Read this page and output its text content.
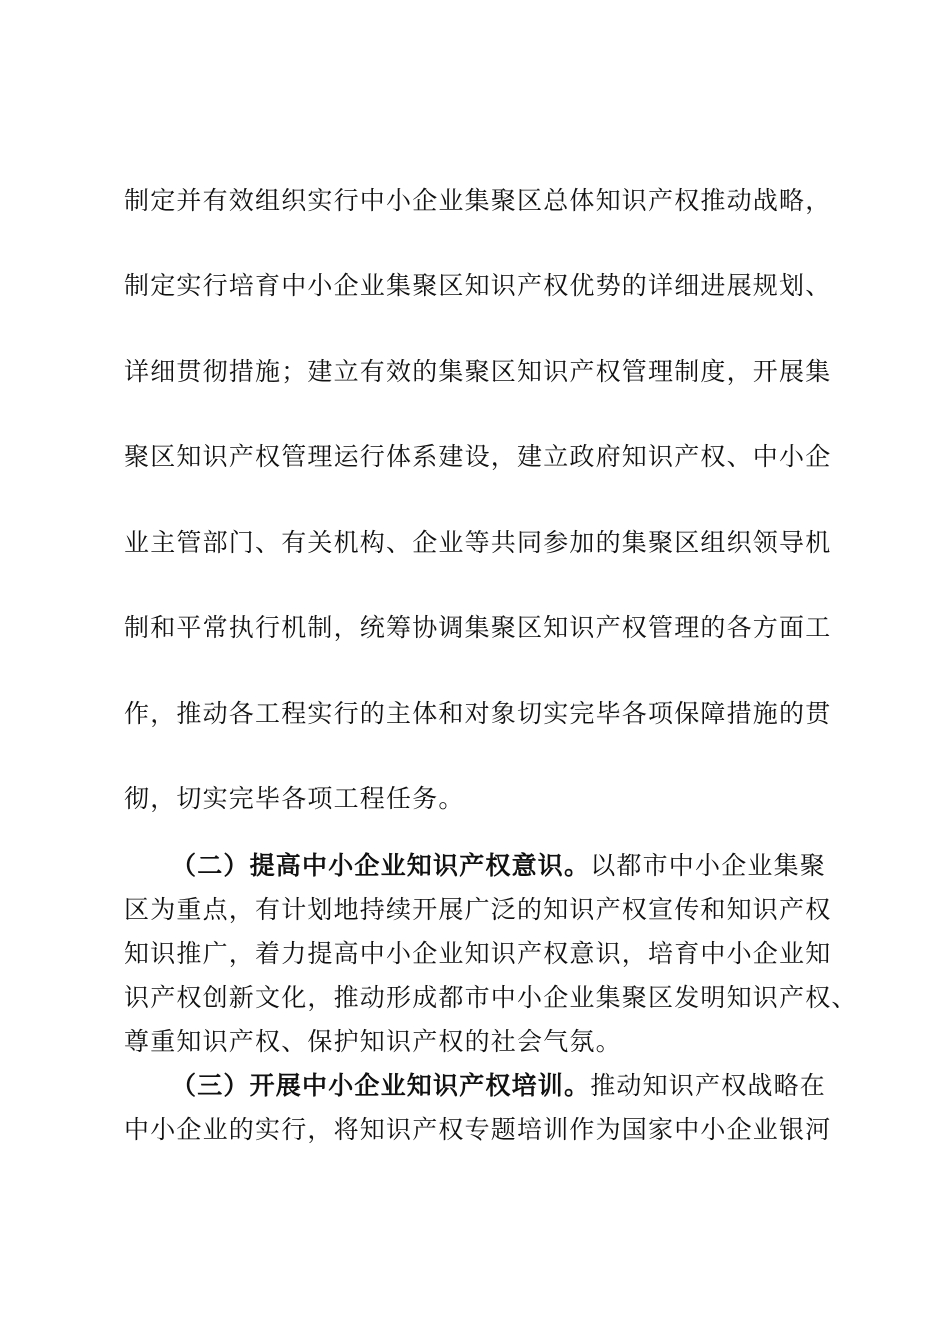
制定并有效组织实行中小企业集聚区总体知识产权推动战略，
制定实行培育中小企业集聚区知识产权优势的详细进展规划、
详细贯彻措施；建立有效的集聚区知识产权管理制度，开展集
聚区知识产权管理运行体系建设，建立政府知识产权、中小企
业主管部门、有关机构、企业等共同参加的集聚区组织领导机
制和平常执行机制，统筹协调集聚区知识产权管理的各方面工
作，推动各工程实行的主体和对象切实完毕各项保障措施的贯
彻，切实完毕各项工程任务。
（二）提高中小企业知识产权意识。以都市中小企业集聚
区为重点，有计划地持续开展广泛的知识产权宣传和知识产权
知识推广，着力提高中小企业知识产权意识，培育中小企业知
识产权创新文化，推动形成都市中小企业集聚区发明知识产权、
尊重知识产权、保护知识产权的社会气氛。
（三）开展中小企业知识产权培训。推动知识产权战略在
中小企业的实行，将知识产权专题培训作为国家中小企业银河
